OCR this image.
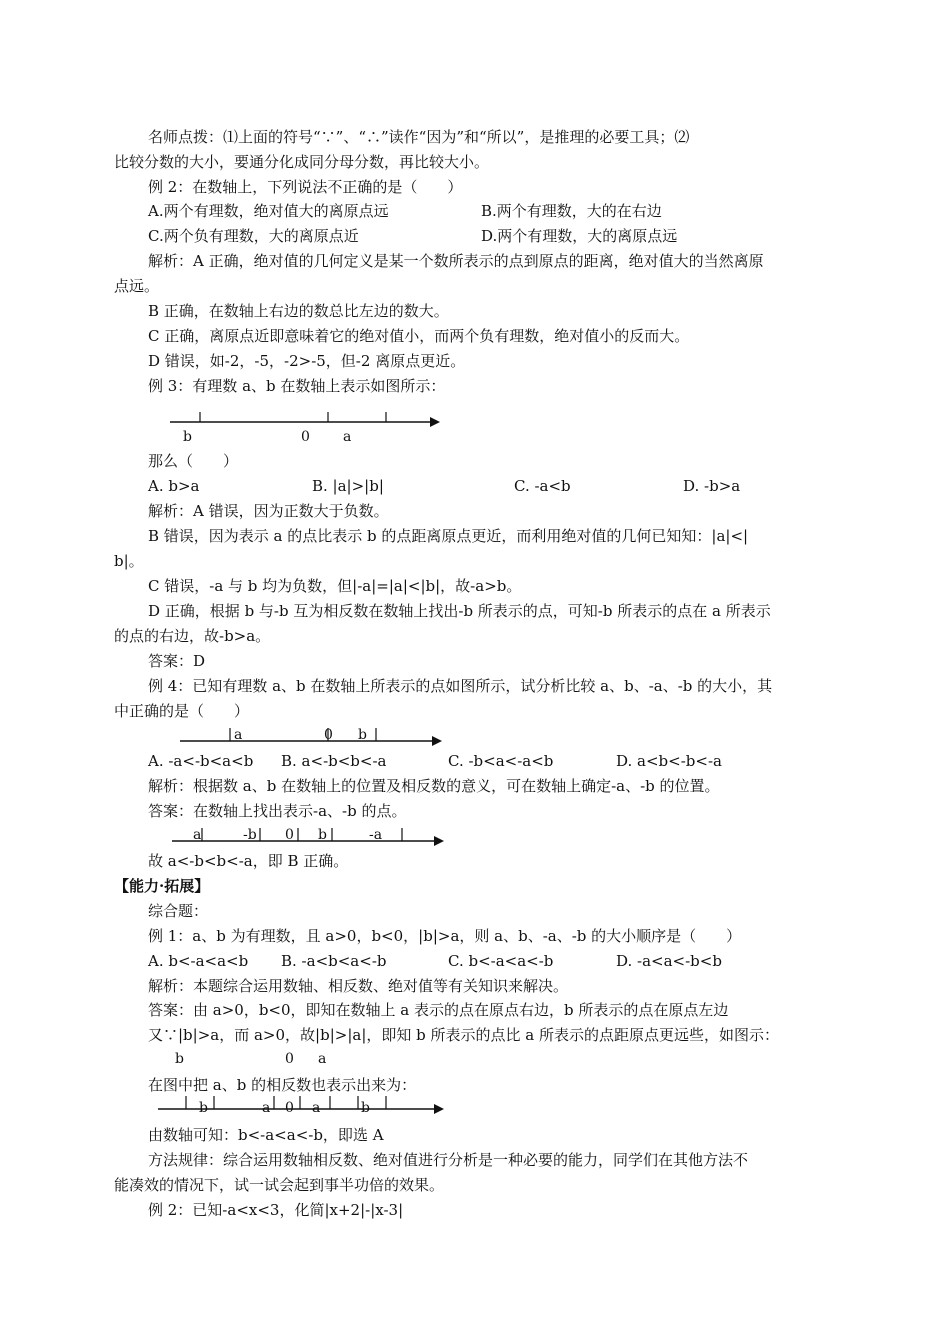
名师点拨：⑴上面的符号“∵”、“∴”读作“因为”和“所以”，是推理的必要工具；⑵
比较分数的大小，要通分化成同分母分数，再比较大小。
例 2：在数轴上，下列说法不正确的是（　　）
A.两个有理数，绝对值大的离原点远	B.两个有理数，大的在右边
C.两个负有理数，大的离原点近	D.两个有理数，大的离原点远
解析：A 正确，绝对值的几何定义是某一个数所表示的点到原点的距离，绝对值大的当然离原
点远。
B 正确，在数轴上右边的数总比左边的数大。
C 正确，离原点近即意味着它的绝对值小，而两个负有理数，绝对值小的反而大。
D 错误，如-2，-5，-2>-5，但-2 离原点更近。
例 3：有理数 a、b 在数轴上表示如图所示：
b	0 a
那么（　　）
A. b>a	B. |a|>|b|	C. -a<b	D. -b>a
解析：A 错误，因为正数大于负数。
B 错误，因为表示 a 的点比表示 b 的点距离原点更近，而利用绝对值的几何已知知：|a|<|
b|。
C 错误，-a 与 b 均为负数，但|-a|=|a|<|b|，故-a>b。
D 正确，根据 b 与-b 互为相反数在数轴上找出-b 所表示的点，可知-b 所表示的点在 a 所表示
的点的右边，故-b>a。
答案：D
例 4：已知有理数 a、b 在数轴上所表示的点如图所示，试分析比较 a、b、-a、-b 的大小，其
中正确的是（　　）
a	0 b
A. -a<-b<a<b B. a<-b<b<-a	C. -b<a<-a<b	D. a<b<-b<-a
解析：根据数 a、b 在数轴上的位置及相反数的意义，可在数轴上确定-a、-b 的位置。
答案：在数轴上找出表示-a、-b 的点。
a	-b 0 b	-a
故 a<-b<b<-a，即 B 正确。
【能力·拓展】
综合题：
例 1：a、b 为有理数，且 a>0，b<0，|b|>a，则 a、b、-a、-b 的大小顺序是（　　）
A. b<-a<a<b B. -a<b<a<-b	C. b<-a<a<-b	D. -a<a<-b<b
解析：本题综合运用数轴、相反数、绝对值等有关知识来解决。
答案：由 a>0，b<0，即知在数轴上 a 表示的点在原点右边，b 所表示的点在原点左边
又∵|b|>a，而 a>0，故|b|>|a|，即知 b 所表示的点比 a 所表示的点距原点更远些，如图示：
b	0 a
在图中把 a、b 的相反数也表示出来为：
b	a 0 a	b
由数轴可知：b<-a<a<-b，即选 A
方法规律：综合运用数轴相反数、绝对值进行分析是一种必要的能力，同学们在其他方法不
能凑效的情况下，试一试会起到事半功倍的效果。
例 2：已知-a<x<3，化简|x+2|-|x-3|
